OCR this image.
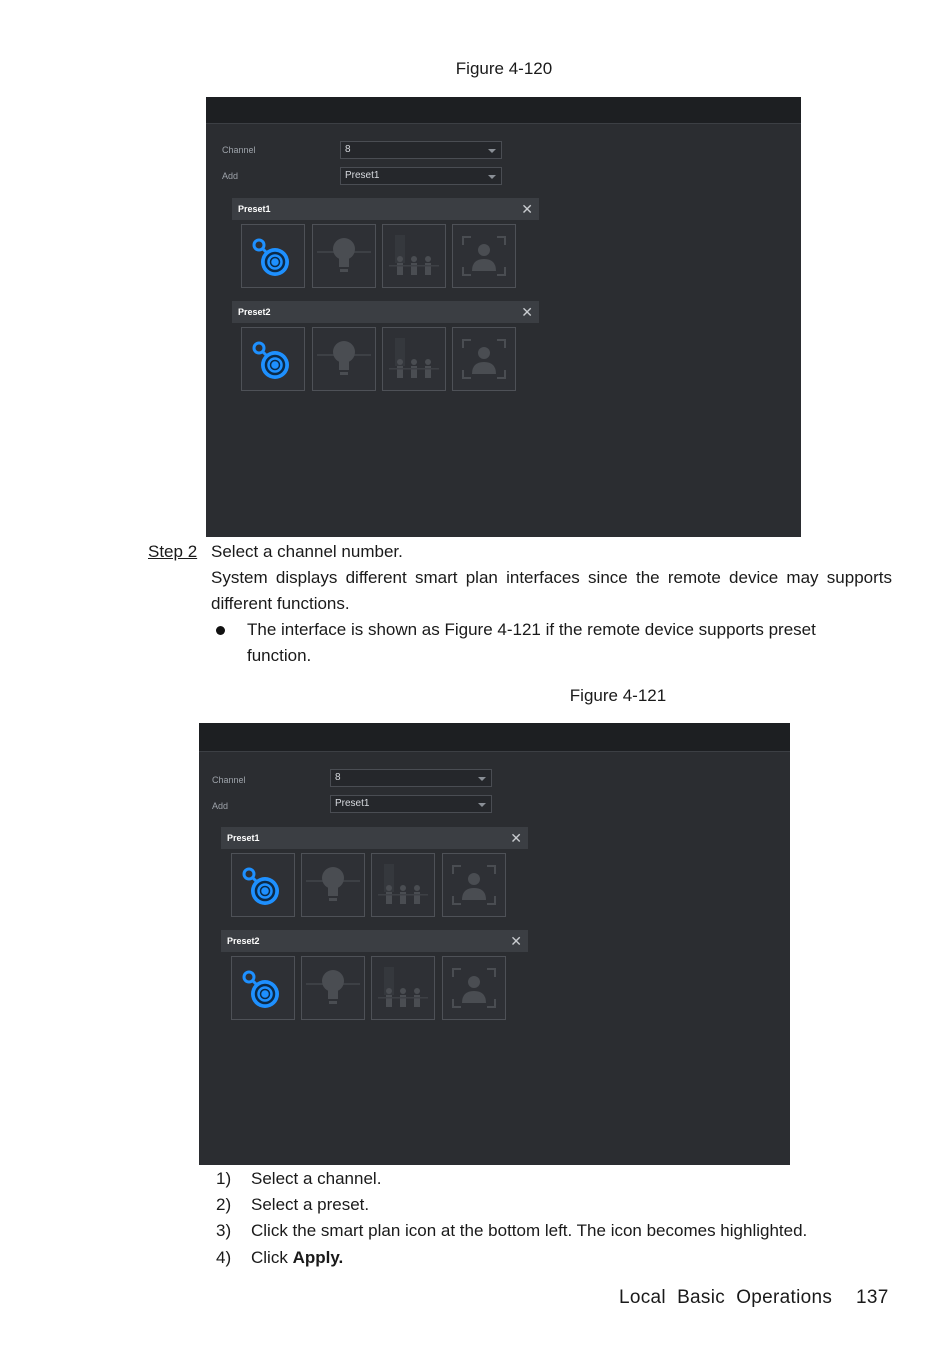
Figure 4-120
Channel	8
Add	Preset1
Preset1	✕
Preset2	✕
Step 2 Select a channel number.
System displays different smart plan interfaces since the remote device may supports different functions.
The interface is shown as Figure 4-121 if the remote device supports preset function.
Figure 4-121
Channel	8
Add	Preset1
Preset1	✕
Preset2	✕
1) Select a channel.
2) Select a preset.
3) Click the smart plan icon at the bottom left. The icon becomes highlighted.
4) Click Apply.
Local  Basic  Operations 137
